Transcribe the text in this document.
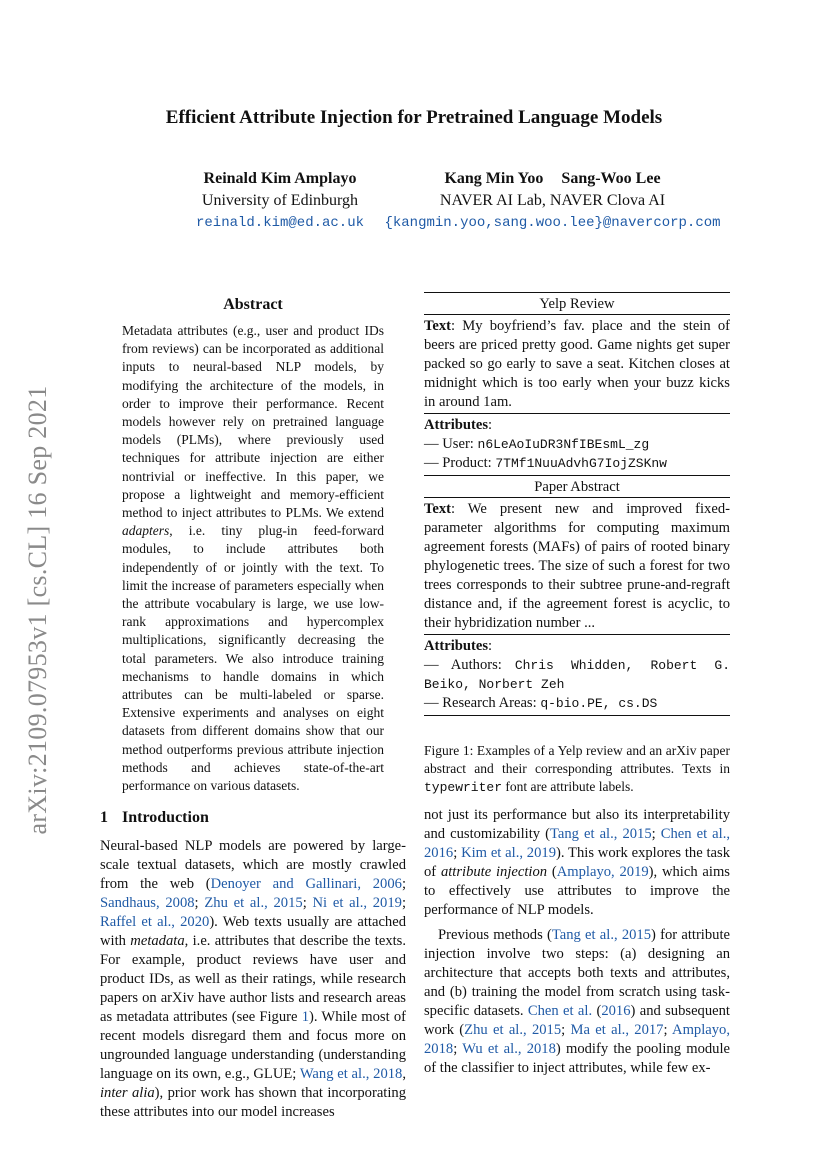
arXiv:2109.07953v1 [cs.CL] 16 Sep 2021
Efficient Attribute Injection for Pretrained Language Models
Reinald Kim Amplayo
University of Edinburgh
reinald.kim@ed.ac.uk
Kang Min Yoo Sang-Woo Lee
NAVER AI Lab, NAVER Clova AI
{kangmin.yoo,sang.woo.lee}@navercorp.com
Abstract
Metadata attributes (e.g., user and product IDs from reviews) can be incorporated as additional inputs to neural-based NLP models, by modifying the architecture of the models, in order to improve their performance. Recent models however rely on pretrained language models (PLMs), where previously used techniques for attribute injection are either nontrivial or ineffective. In this paper, we propose a lightweight and memory-efficient method to inject attributes to PLMs. We extend adapters, i.e. tiny plug-in feed-forward modules, to include attributes both independently of or jointly with the text. To limit the increase of parameters especially when the attribute vocabulary is large, we use low-rank approximations and hypercomplex multiplications, significantly decreasing the total parameters. We also introduce training mechanisms to handle domains in which attributes can be multi-labeled or sparse. Extensive experiments and analyses on eight datasets from different domains show that our method outperforms previous attribute injection methods and achieves state-of-the-art performance on various datasets.
1 Introduction

Neural-based NLP models are powered by large-scale textual datasets, which are mostly crawled from the web (Denoyer and Gallinari, 2006; Sandhaus, 2008; Zhu et al., 2015; Ni et al., 2019; Raffel et al., 2020). Web texts usually are attached with metadata, i.e. attributes that describe the texts. For example, product reviews have user and product IDs, as well as their ratings, while research papers on arXiv have author lists and research areas as metadata attributes (see Figure 1). While most of recent models disregard them and focus more on ungrounded language understanding (understanding language on its own, e.g., GLUE; Wang et al., 2018, inter alia), prior work has shown that incorporating these attributes into our model increases

Yelp Review
Text: My boyfriend’s fav. place and the stein of beers are priced pretty good. Game nights get super packed so go early to save a seat. Kitchen closes at midnight which is too early when your buzz kicks in around 1am.
Attributes:
— User: n6LeAoIuDR3NfIBEsmL_zg
— Product: 7TMf1NuuAdvhG7IojZSKnw
Paper Abstract
Text: We present new and improved fixed-parameter algorithms for computing maximum agreement forests (MAFs) of pairs of rooted binary phylogenetic trees. The size of such a forest for two trees corresponds to their subtree prune-and-regraft distance and, if the agreement forest is acyclic, to their hybridization number ...
Attributes:
— Authors: Chris Whidden, Robert G. Beiko, Norbert Zeh
— Research Areas: q-bio.PE, cs.DS
Figure 1: Examples of a Yelp review and an arXiv paper abstract and their corresponding attributes. Texts in typewriter font are attribute labels.

not just its performance but also its interpretability and customizability (Tang et al., 2015; Chen et al., 2016; Kim et al., 2019). This work explores the task of attribute injection (Amplayo, 2019), which aims to effectively use attributes to improve the performance of NLP models.

Previous methods (Tang et al., 2015) for attribute injection involve two steps: (a) designing an architecture that accepts both texts and attributes, and (b) training the model from scratch using task-specific datasets. Chen et al. (2016) and subsequent work (Zhu et al., 2015; Ma et al., 2017; Amplayo, 2018; Wu et al., 2018) modify the pooling module of the classifier to inject attributes, while few ex-
